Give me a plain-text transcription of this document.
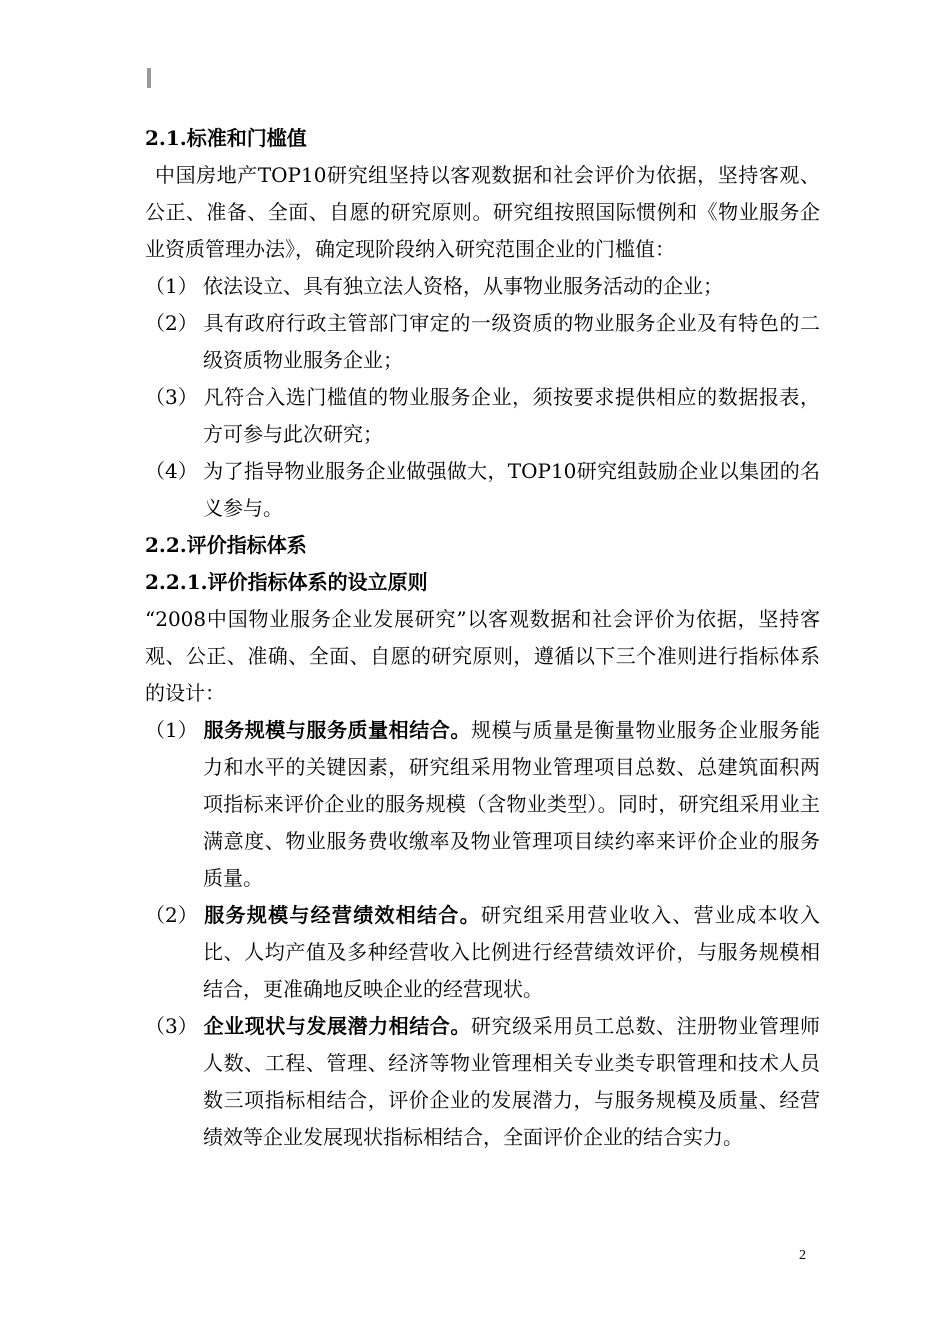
2.1.标准和门槛值

中国房地产TOP10研究组坚持以客观数据和社会评价为依据，坚持客观、公正、准备、全面、自愿的研究原则。研究组按照国际惯例和《物业服务企业资质管理办法》，确定现阶段纳入研究范围企业的门槛值：

（1） 依法设立、具有独立法人资格，从事物业服务活动的企业；

（2） 具有政府行政主管部门审定的一级资质的物业服务企业及有特色的二级资质物业服务企业；

（3） 凡符合入选门槛值的物业服务企业，须按要求提供相应的数据报表，方可参与此次研究；

（4） 为了指导物业服务企业做强做大，TOP10研究组鼓励企业以集团的名义参与。

2.2.评价指标体系

2.2.1.评价指标体系的设立原则

“2008中国物业服务企业发展研究”以客观数据和社会评价为依据，坚持客观、公正、准确、全面、自愿的研究原则，遵循以下三个准则进行指标体系的设计：

（1） 服务规模与服务质量相结合。规模与质量是衡量物业服务企业服务能力和水平的关键因素，研究组采用物业管理项目总数、总建筑面积两项指标来评价企业的服务规模（含物业类型）。同时，研究组采用业主满意度、物业服务费收缴率及物业管理项目续约率来评价企业的服务质量。

（2） 服务规模与经营绩效相结合。研究组采用营业收入、营业成本收入比、人均产值及多种经营收入比例进行经营绩效评价，与服务规模相结合，更准确地反映企业的经营现状。

（3） 企业现状与发展潜力相结合。研究级采用员工总数、注册物业管理师人数、工程、管理、经济等物业管理相关专业类专职管理和技术人员数三项指标相结合，评价企业的发展潜力，与服务规模及质量、经营绩效等企业发展现状指标相结合，全面评价企业的结合实力。

2
